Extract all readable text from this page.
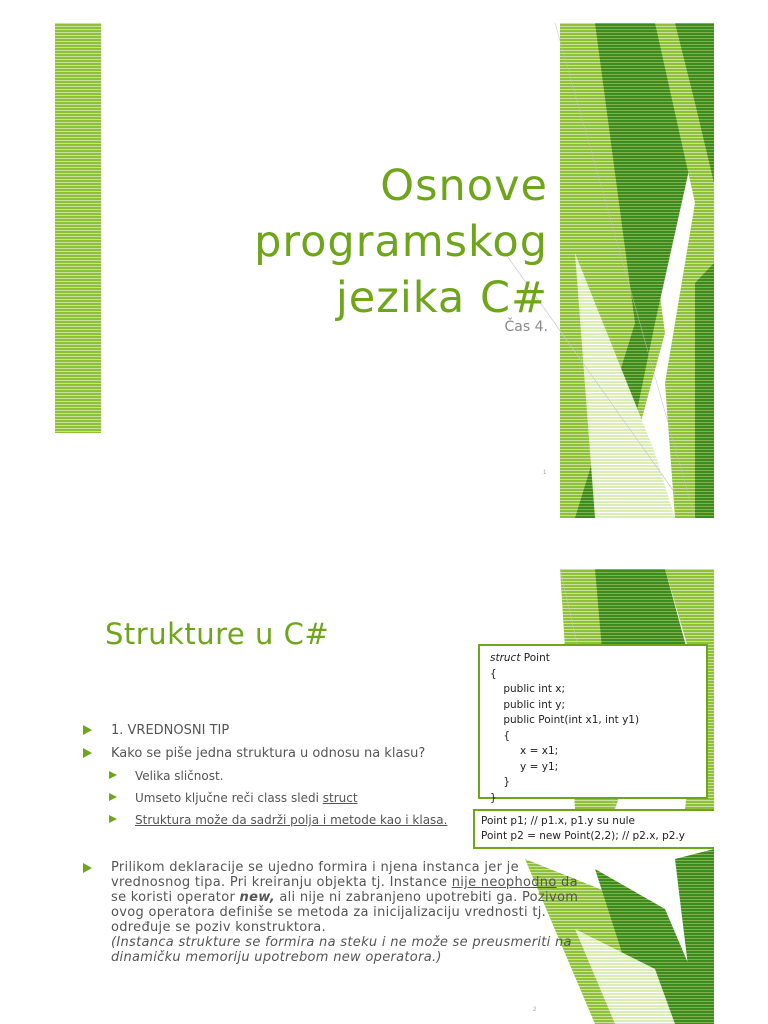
Osnove
programskog
jezika C#
Čas 4.
1
Strukture u C#
struct Point
{
public int x;
public int y;
public Point(int x1, int y1)
{
x = x1;
y = y1;
}
}
Point p1; // p1.x, p1.y su nule
Point p2 = new Point(2,2); // p2.x, p2.y
1. VREDNOSNI TIP
Kako se piše jedna struktura u odnosu na klasu?
Velika sličnost.
Umseto ključne reči class sledi struct
Struktura može da sadrži polja i metode kao i klasa.
Prilikom deklaracije se ujedno formira i njena instanca jer je vrednosnog tipa. Pri kreiranju objekta tj. Instance nije neophodno da se koristi operator new, ali nije ni zabranjeno upotrebiti ga. Pozivom ovog operatora definiše se metoda za inicijalizaciju vrednosti tj. određuje se poziv konstruktora.
(Instanca strukture se formira na steku i ne može se preusmeriti na dinamičku memoriju upotrebom new operatora.)
2
